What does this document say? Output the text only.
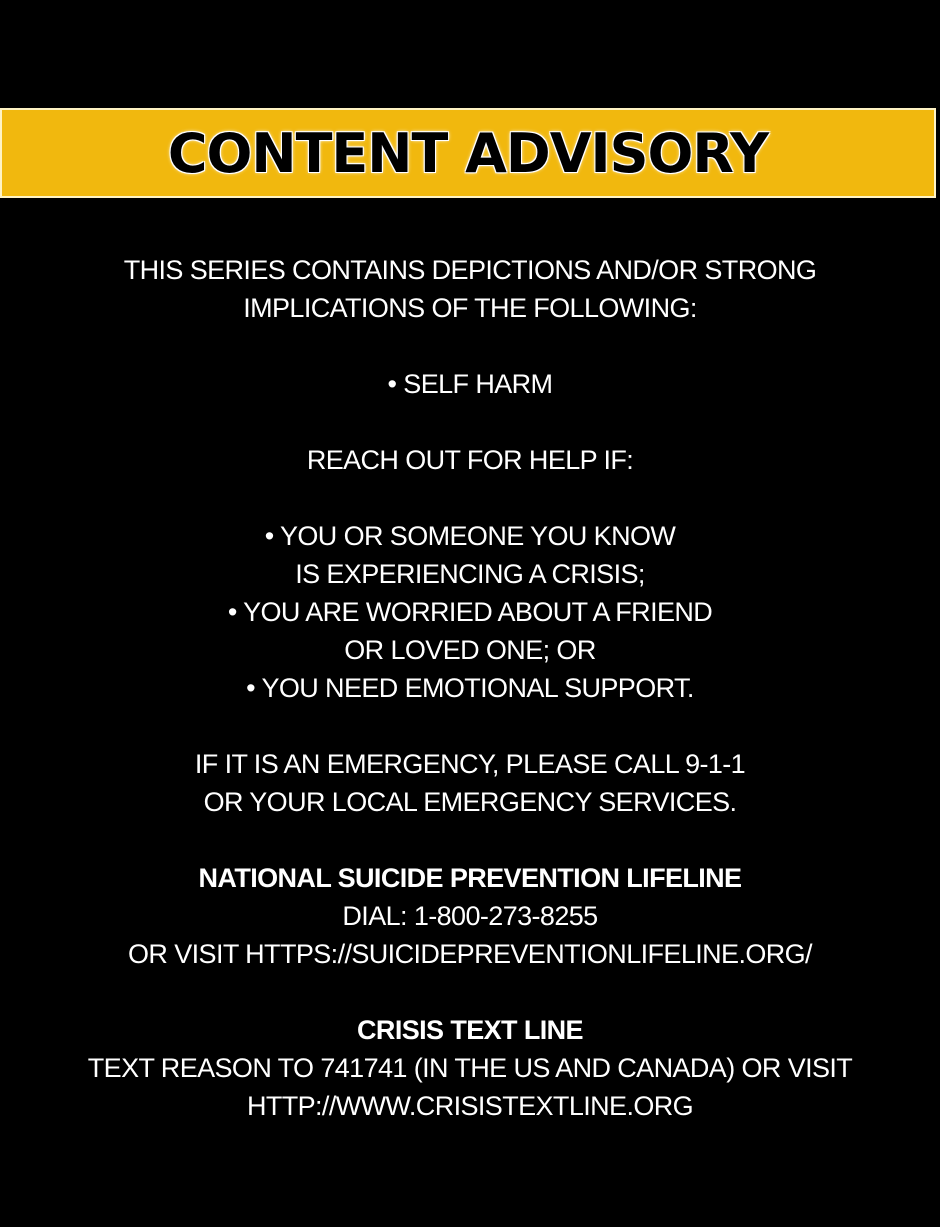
CONTENT ADVISORY
THIS SERIES CONTAINS DEPICTIONS AND/OR STRONG
IMPLICATIONS OF THE FOLLOWING:
• SELF HARM
REACH OUT FOR HELP IF:
• YOU OR SOMEONE YOU KNOW
IS EXPERIENCING A CRISIS;
• YOU ARE WORRIED ABOUT A FRIEND
OR LOVED ONE; OR
• YOU NEED EMOTIONAL SUPPORT.
IF IT IS AN EMERGENCY, PLEASE CALL 9-1-1
OR YOUR LOCAL EMERGENCY SERVICES.
NATIONAL SUICIDE PREVENTION LIFELINE
DIAL: 1-800-273-8255
OR VISIT HTTPS://SUICIDEPREVENTIONLIFELINE.ORG/
CRISIS TEXT LINE
TEXT REASON TO 741741 (IN THE US AND CANADA) OR VISIT
HTTP://WWW.CRISISTEXTLINE.ORG
